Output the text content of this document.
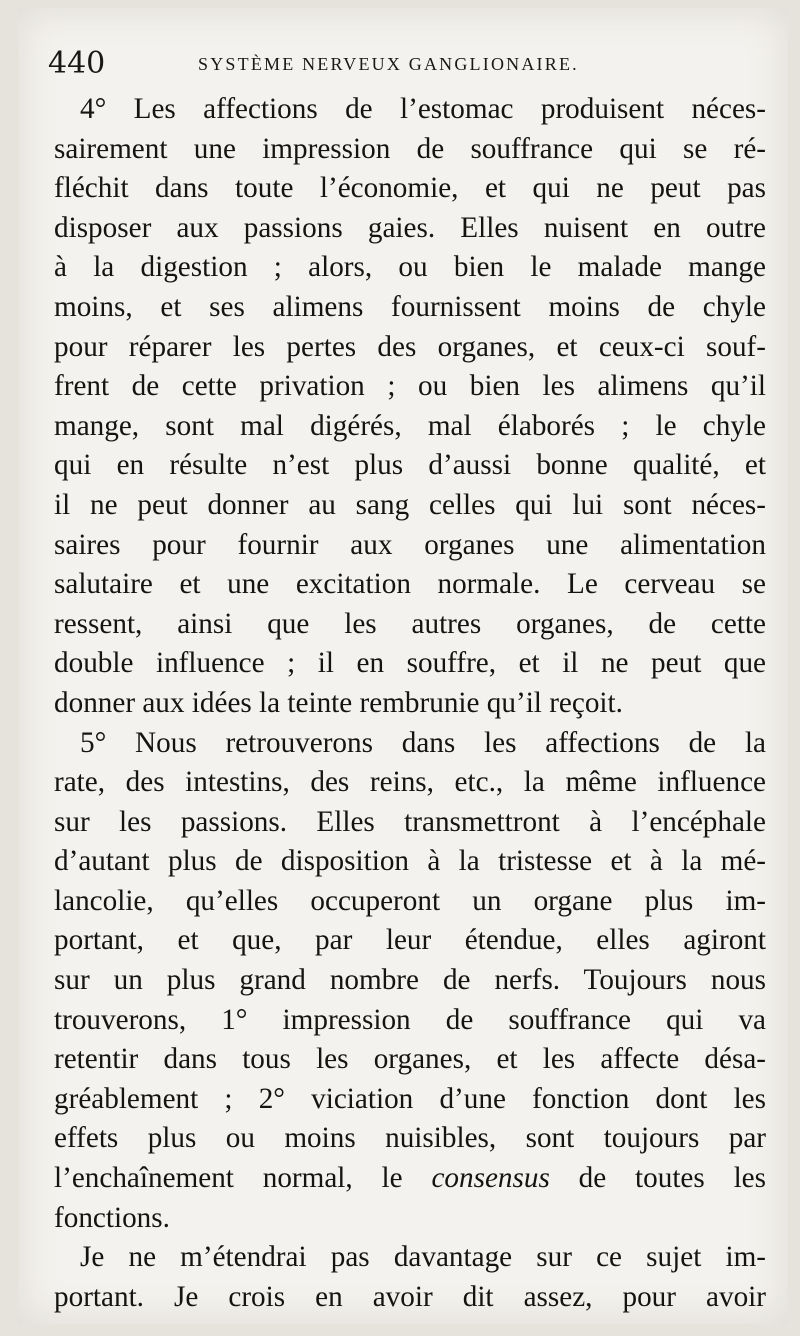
440	SYSTÈME NERVEUX GANGLIONAIRE.
4° Les affections de l’estomac produisent néces-
sairement une impression de souffrance qui se ré-
fléchit dans toute l’économie, et qui ne peut pas
disposer aux passions gaies. Elles nuisent en outre
à la digestion ; alors, ou bien le malade mange
moins, et ses alimens fournissent moins de chyle
pour réparer les pertes des organes, et ceux-ci souf-
frent de cette privation ; ou bien les alimens qu’il
mange, sont mal digérés, mal élaborés ; le chyle
qui en résulte n’est plus d’aussi bonne qualité, et
il ne peut donner au sang celles qui lui sont néces-
saires pour fournir aux organes une alimentation
salutaire et une excitation normale. Le cerveau se
ressent, ainsi que les autres organes, de cette
double influence ; il en souffre, et il ne peut que
donner aux idées la teinte rembrunie qu’il reçoit.
5° Nous retrouverons dans les affections de la
rate, des intestins, des reins, etc., la même influence
sur les passions. Elles transmettront à l’encéphale
d’autant plus de disposition à la tristesse et à la mé-
lancolie, qu’elles occuperont un organe plus im-
portant, et que, par leur étendue, elles agiront
sur un plus grand nombre de nerfs. Toujours nous
trouverons, 1° impression de souffrance qui va
retentir dans tous les organes, et les affecte désa-
gréablement ; 2° viciation d’une fonction dont les
effets plus ou moins nuisibles, sont toujours par
l’enchaînement normal, le consensus de toutes les
fonctions.
Je ne m’étendrai pas davantage sur ce sujet im-
portant. Je crois en avoir dit assez, pour avoir
